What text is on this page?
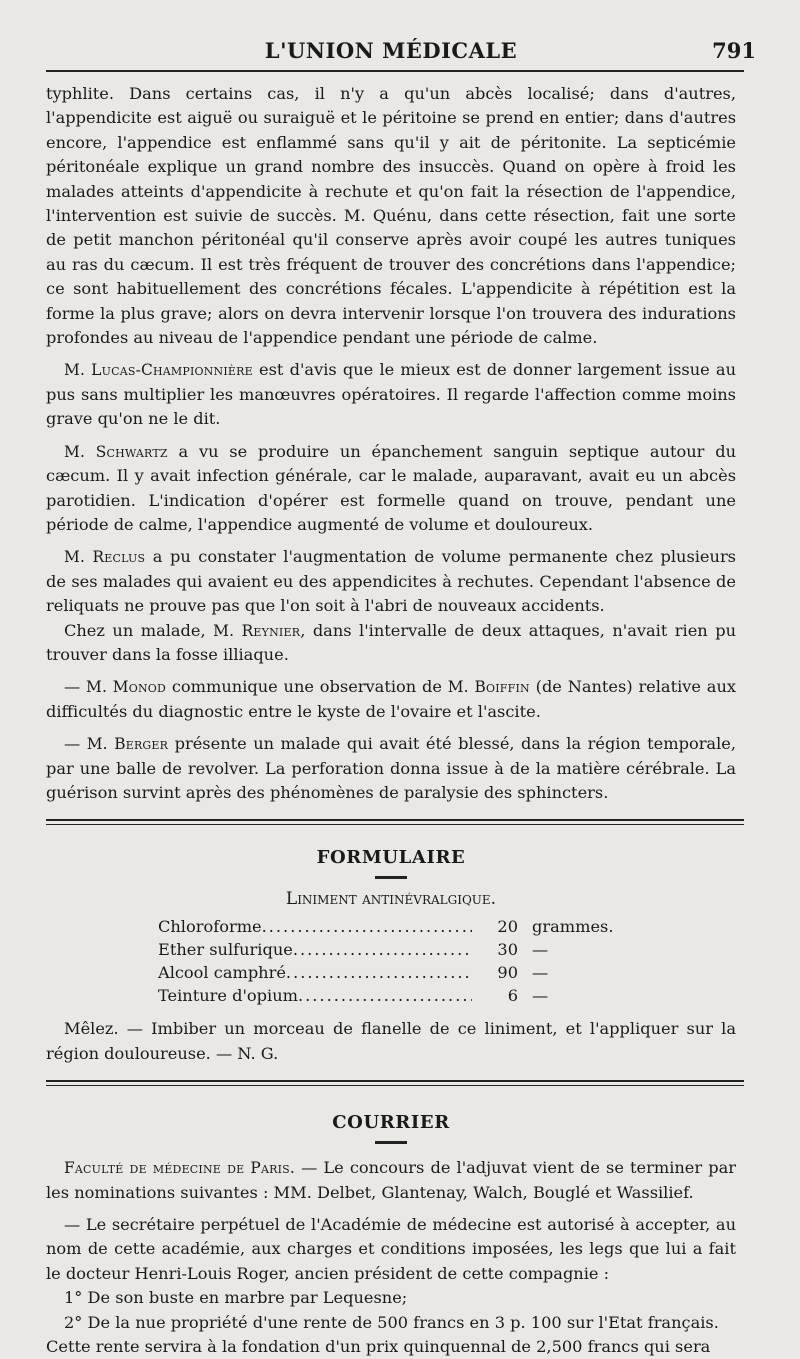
L'UNION MÉDICALE	791

typhlite. Dans certains cas, il n'y a qu'un abcès localisé; dans d'autres, l'appendicite est aiguë ou suraiguë et le péritoine se prend en entier; dans d'autres encore, l'appendice est enflammé sans qu'il y ait de péritonite. La septicémie péritonéale explique un grand nombre des insuccès. Quand on opère à froid les malades atteints d'appendicite à rechute et qu'on fait la résection de l'appendice, l'intervention est suivie de succès. M. Quénu, dans cette résection, fait une sorte de petit manchon péritonéal qu'il conserve après avoir coupé les autres tuniques au ras du cæcum. Il est très fréquent de trouver des concrétions dans l'appendice; ce sont habituellement des concrétions fécales. L'appendicite à répétition est la forme la plus grave; alors on devra intervenir lorsque l'on trouvera des indurations profondes au niveau de l'appendice pendant une période de calme.

M. Lucas-Championnière est d'avis que le mieux est de donner largement issue au pus sans multiplier les manœuvres opératoires. Il regarde l'affection comme moins grave qu'on ne le dit.

M. Schwartz a vu se produire un épanchement sanguin septique autour du cæcum. Il y avait infection générale, car le malade, auparavant, avait eu un abcès parotidien. L'indication d'opérer est formelle quand on trouve, pendant une période de calme, l'appendice augmenté de volume et douloureux.

M. Reclus a pu constater l'augmentation de volume permanente chez plusieurs de ses malades qui avaient eu des appendicites à rechutes. Cependant l'absence de reliquats ne prouve pas que l'on soit à l'abri de nouveaux accidents.

Chez un malade, M. Reynier, dans l'intervalle de deux attaques, n'avait rien pu trouver dans la fosse illiaque.

— M. Monod communique une observation de M. Boiffin (de Nantes) relative aux difficultés du diagnostic entre le kyste de l'ovaire et l'ascite.

— M. Berger présente un malade qui avait été blessé, dans la région temporale, par une balle de revolver. La perforation donna issue à de la matière cérébrale. La guérison survint après des phénomènes de paralysie des sphincters.

FORMULAIRE
Liniment antinévralgique.
Chloroforme .....	20 grammes.
Ether sulfurique .....	30 —
Alcool camphré .....	90 —
Teinture d'opium .....	6 —

Mêlez. — Imbiber un morceau de flanelle de ce liniment, et l'appliquer sur la région douloureuse. — N. G.

COURRIER

Faculté de médecine de Paris. — Le concours de l'adjuvat vient de se terminer par les nominations suivantes : MM. Delbet, Glantenay, Walch, Bouglé et Wassilief.

— Le secrétaire perpétuel de l'Académie de médecine est autorisé à accepter, au nom de cette académie, aux charges et conditions imposées, les legs que lui a fait le docteur Henri-Louis Roger, ancien président de cette compagnie :

1° De son buste en marbre par Lequesne;

2° De la nue propriété d'une rente de 500 francs en 3 p. 100 sur l'Etat français.

Cette rente servira à la fondation d'un prix quinquennal de 2,500 francs qui sera
